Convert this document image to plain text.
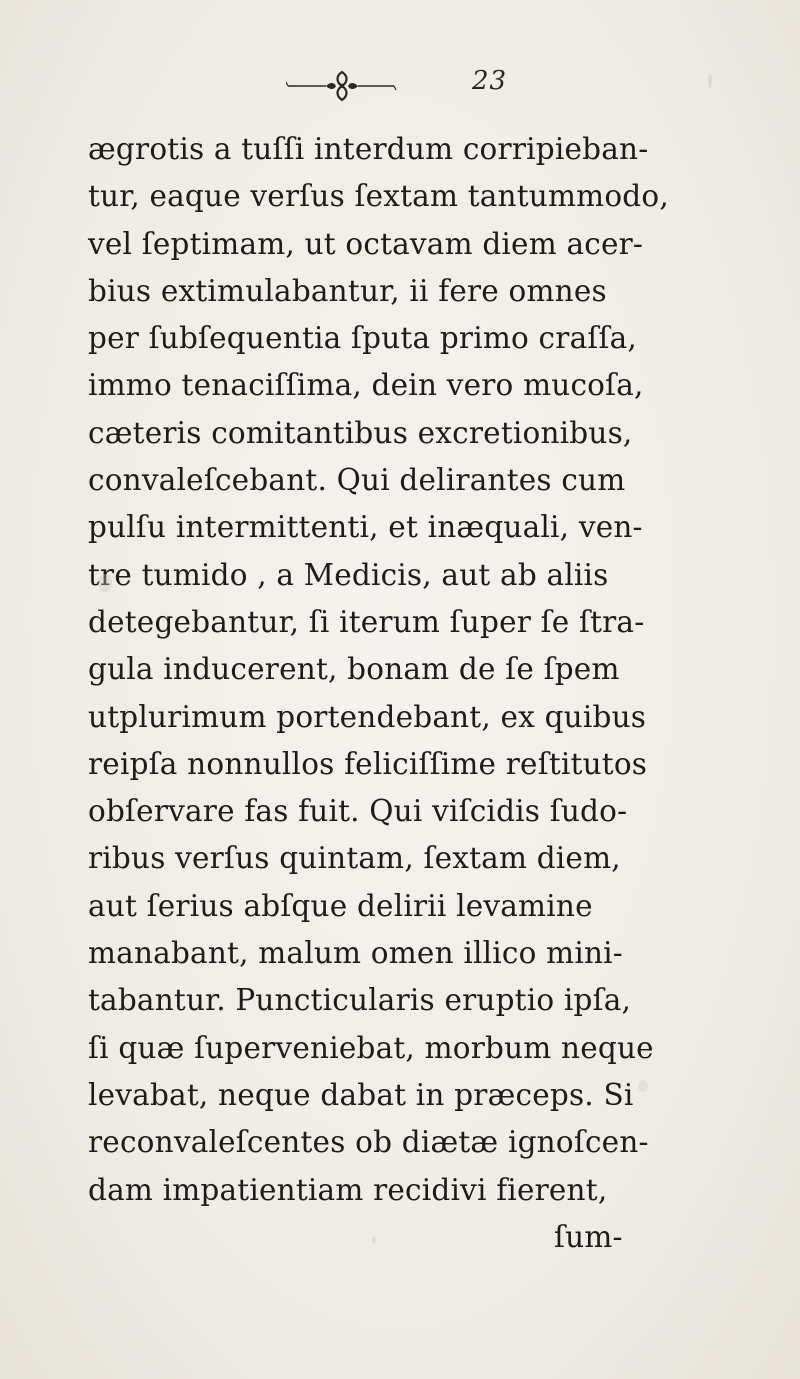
23
ægrotis a tuſſi interdum corripieban-
tur, eaque verſus ſextam tantummodo,
vel ſeptimam, ut octavam diem acer-
bius extimulabantur, ii fere omnes
per ſubſequentia ſputa primo craſſa,
immo tenaciſſima, dein vero mucoſa,
cæteris comitantibus excretionibus,
convaleſcebant. Qui delirantes cum
pulſu intermittenti, et inæquali, ven-
tre tumido , a Medicis, aut ab aliis
detegebantur, ſi iterum ſuper ſe ſtra-
gula inducerent, bonam de ſe ſpem
utplurimum portendebant, ex quibus
reipſa nonnullos feliciſſime reſtitutos
obſervare fas fuit. Qui viſcidis ſudo-
ribus verſus quintam, ſextam diem,
aut ſerius abſque delirii levamine
manabant, malum omen illico mini-
tabantur. Puncticularis eruptio ipſa,
ſi quæ ſuperveniebat, morbum neque
levabat, neque dabat in præceps. Si
reconvaleſcentes ob diætæ ignoſcen-
dam impatientiam recidivi fierent,
ſum-
